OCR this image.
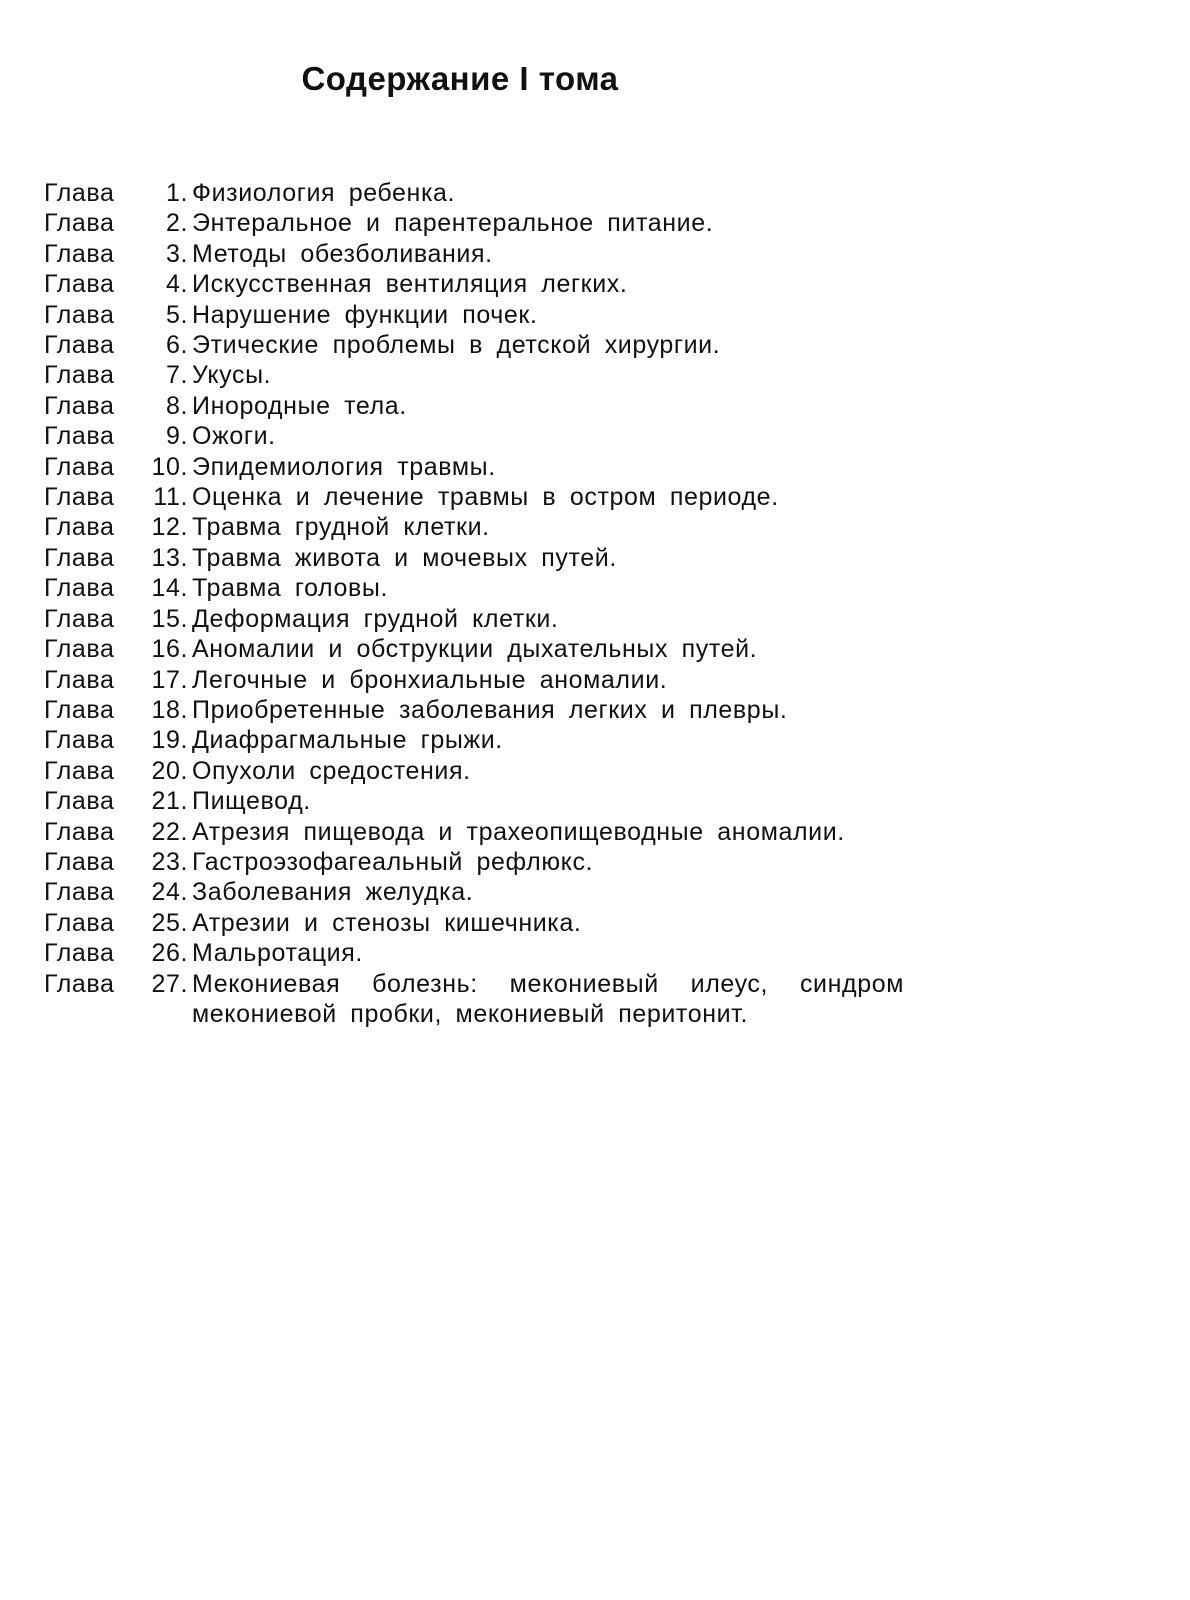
Содержание I тома
Глава	1. Физиология ребенка.
Глава	2. Энтеральное и парентеральное питание.
Глава	3. Методы обезболивания.
Глава	4. Искусственная вентиляция легких.
Глава	5. Нарушение функции почек.
Глава	6. Этические проблемы в детской хирургии.
Глава	7. Укусы.
Глава	8. Инородные тела.
Глава	9. Ожоги.
Глава	10. Эпидемиология травмы.
Глава	11. Оценка и лечение травмы в остром периоде.
Глава	12. Травма грудной клетки.
Глава	13. Травма живота и мочевых путей.
Глава	14. Травма головы.
Глава	15. Деформация грудной клетки.
Глава	16. Аномалии и обструкции дыхательных путей.
Глава	17. Легочные и бронхиальные аномалии.
Глава	18. Приобретенные заболевания легких и плевры.
Глава	19. Диафрагмальные грыжи.
Глава	20. Опухоли средостения.
Глава	21. Пищевод.
Глава	22. Атрезия пищевода и трахеопищеводные аномалии.
Глава	23. Гастроэзофагеальный рефлюкс.
Глава	24. Заболевания желудка.
Глава	25. Атрезии и стенозы кишечника.
Глава	26. Мальротация.
Глава	27. Мекониевая болезнь: мекониевый илеус, синдром мекониевой пробки, мекониевый перитонит.
